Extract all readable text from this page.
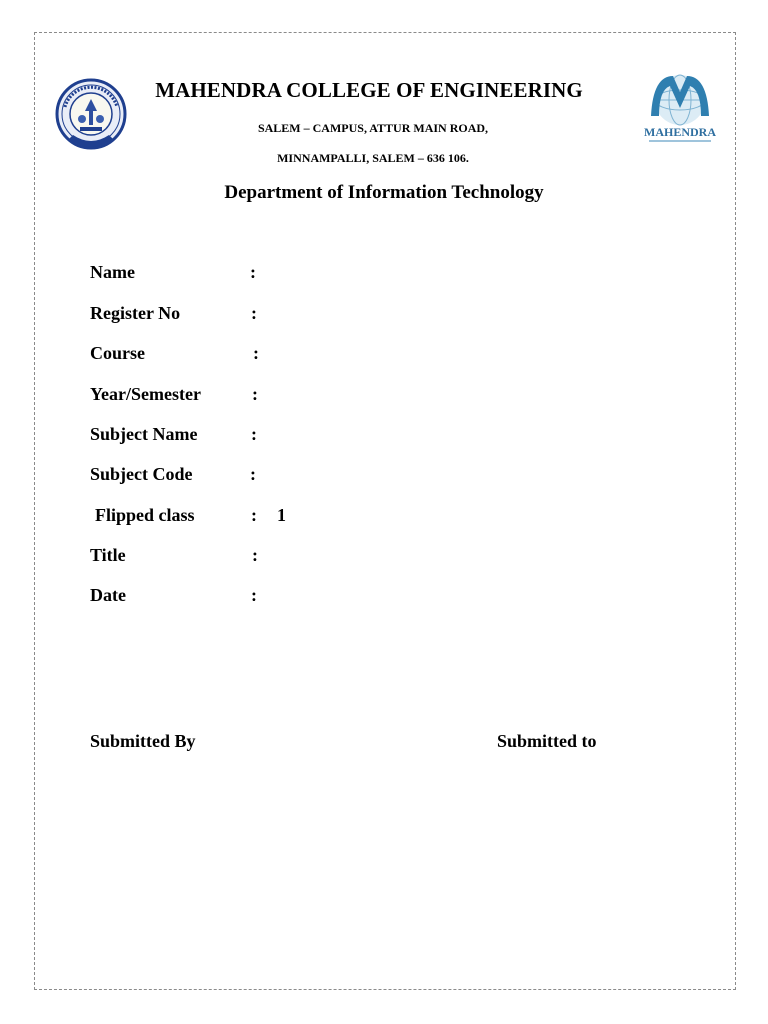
MAHENDRA
MAHENDRA COLLEGE OF ENGINEERING
SALEM – CAMPUS, ATTUR MAIN ROAD,
MINNAMPALLI, SALEM – 636 106.
Department of Information Technology
Name	:
Register No	:
Course	:
Year/Semester	:
Subject Name	:
Subject Code	:
Flipped class	: 1
Title	:
Date	:
Submitted By	Submitted to
